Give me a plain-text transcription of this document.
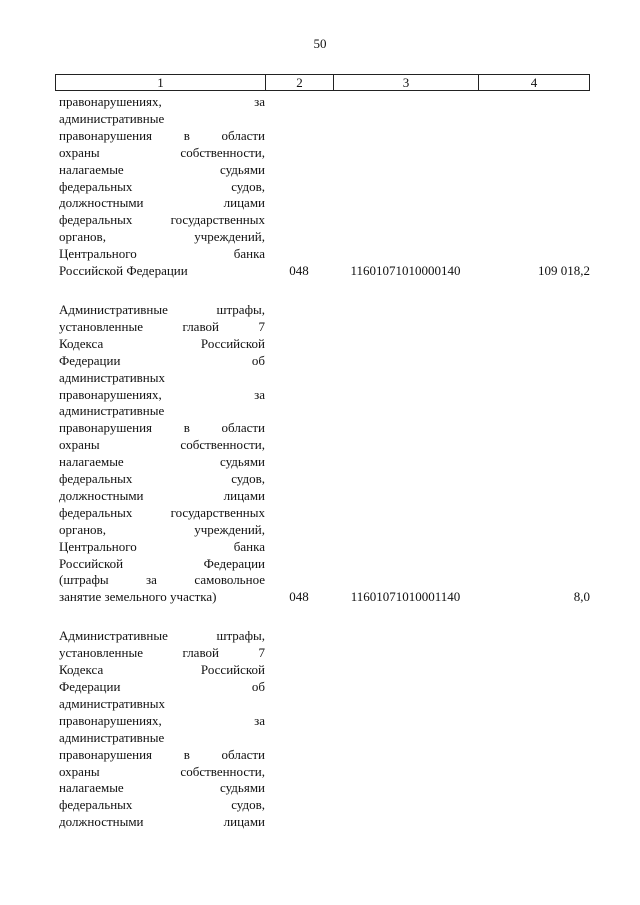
50
1	2	3	4
правонарушениях, за
административные
правонарушения в области
охраны собственности,
налагаемые судьями
федеральных судов,
должностными лицами
федеральных государственных
органов, учреждений,
Центрального банка
Российской Федерации	048	11601071010000140	109 018,2
Административные штрафы,
установленные главой 7
Кодекса Российской
Федерации об
административных
правонарушениях, за
административные
правонарушения в области
охраны собственности,
налагаемые судьями
федеральных судов,
должностными лицами
федеральных государственных
органов, учреждений,
Центрального банка
Российской Федерации
(штрафы за самовольное
занятие земельного участка)	048	11601071010001140	8,0
Административные штрафы,
установленные главой 7
Кодекса Российской
Федерации об
административных
правонарушениях, за
административные
правонарушения в области
охраны собственности,
налагаемые судьями
федеральных судов,
должностными лицами
